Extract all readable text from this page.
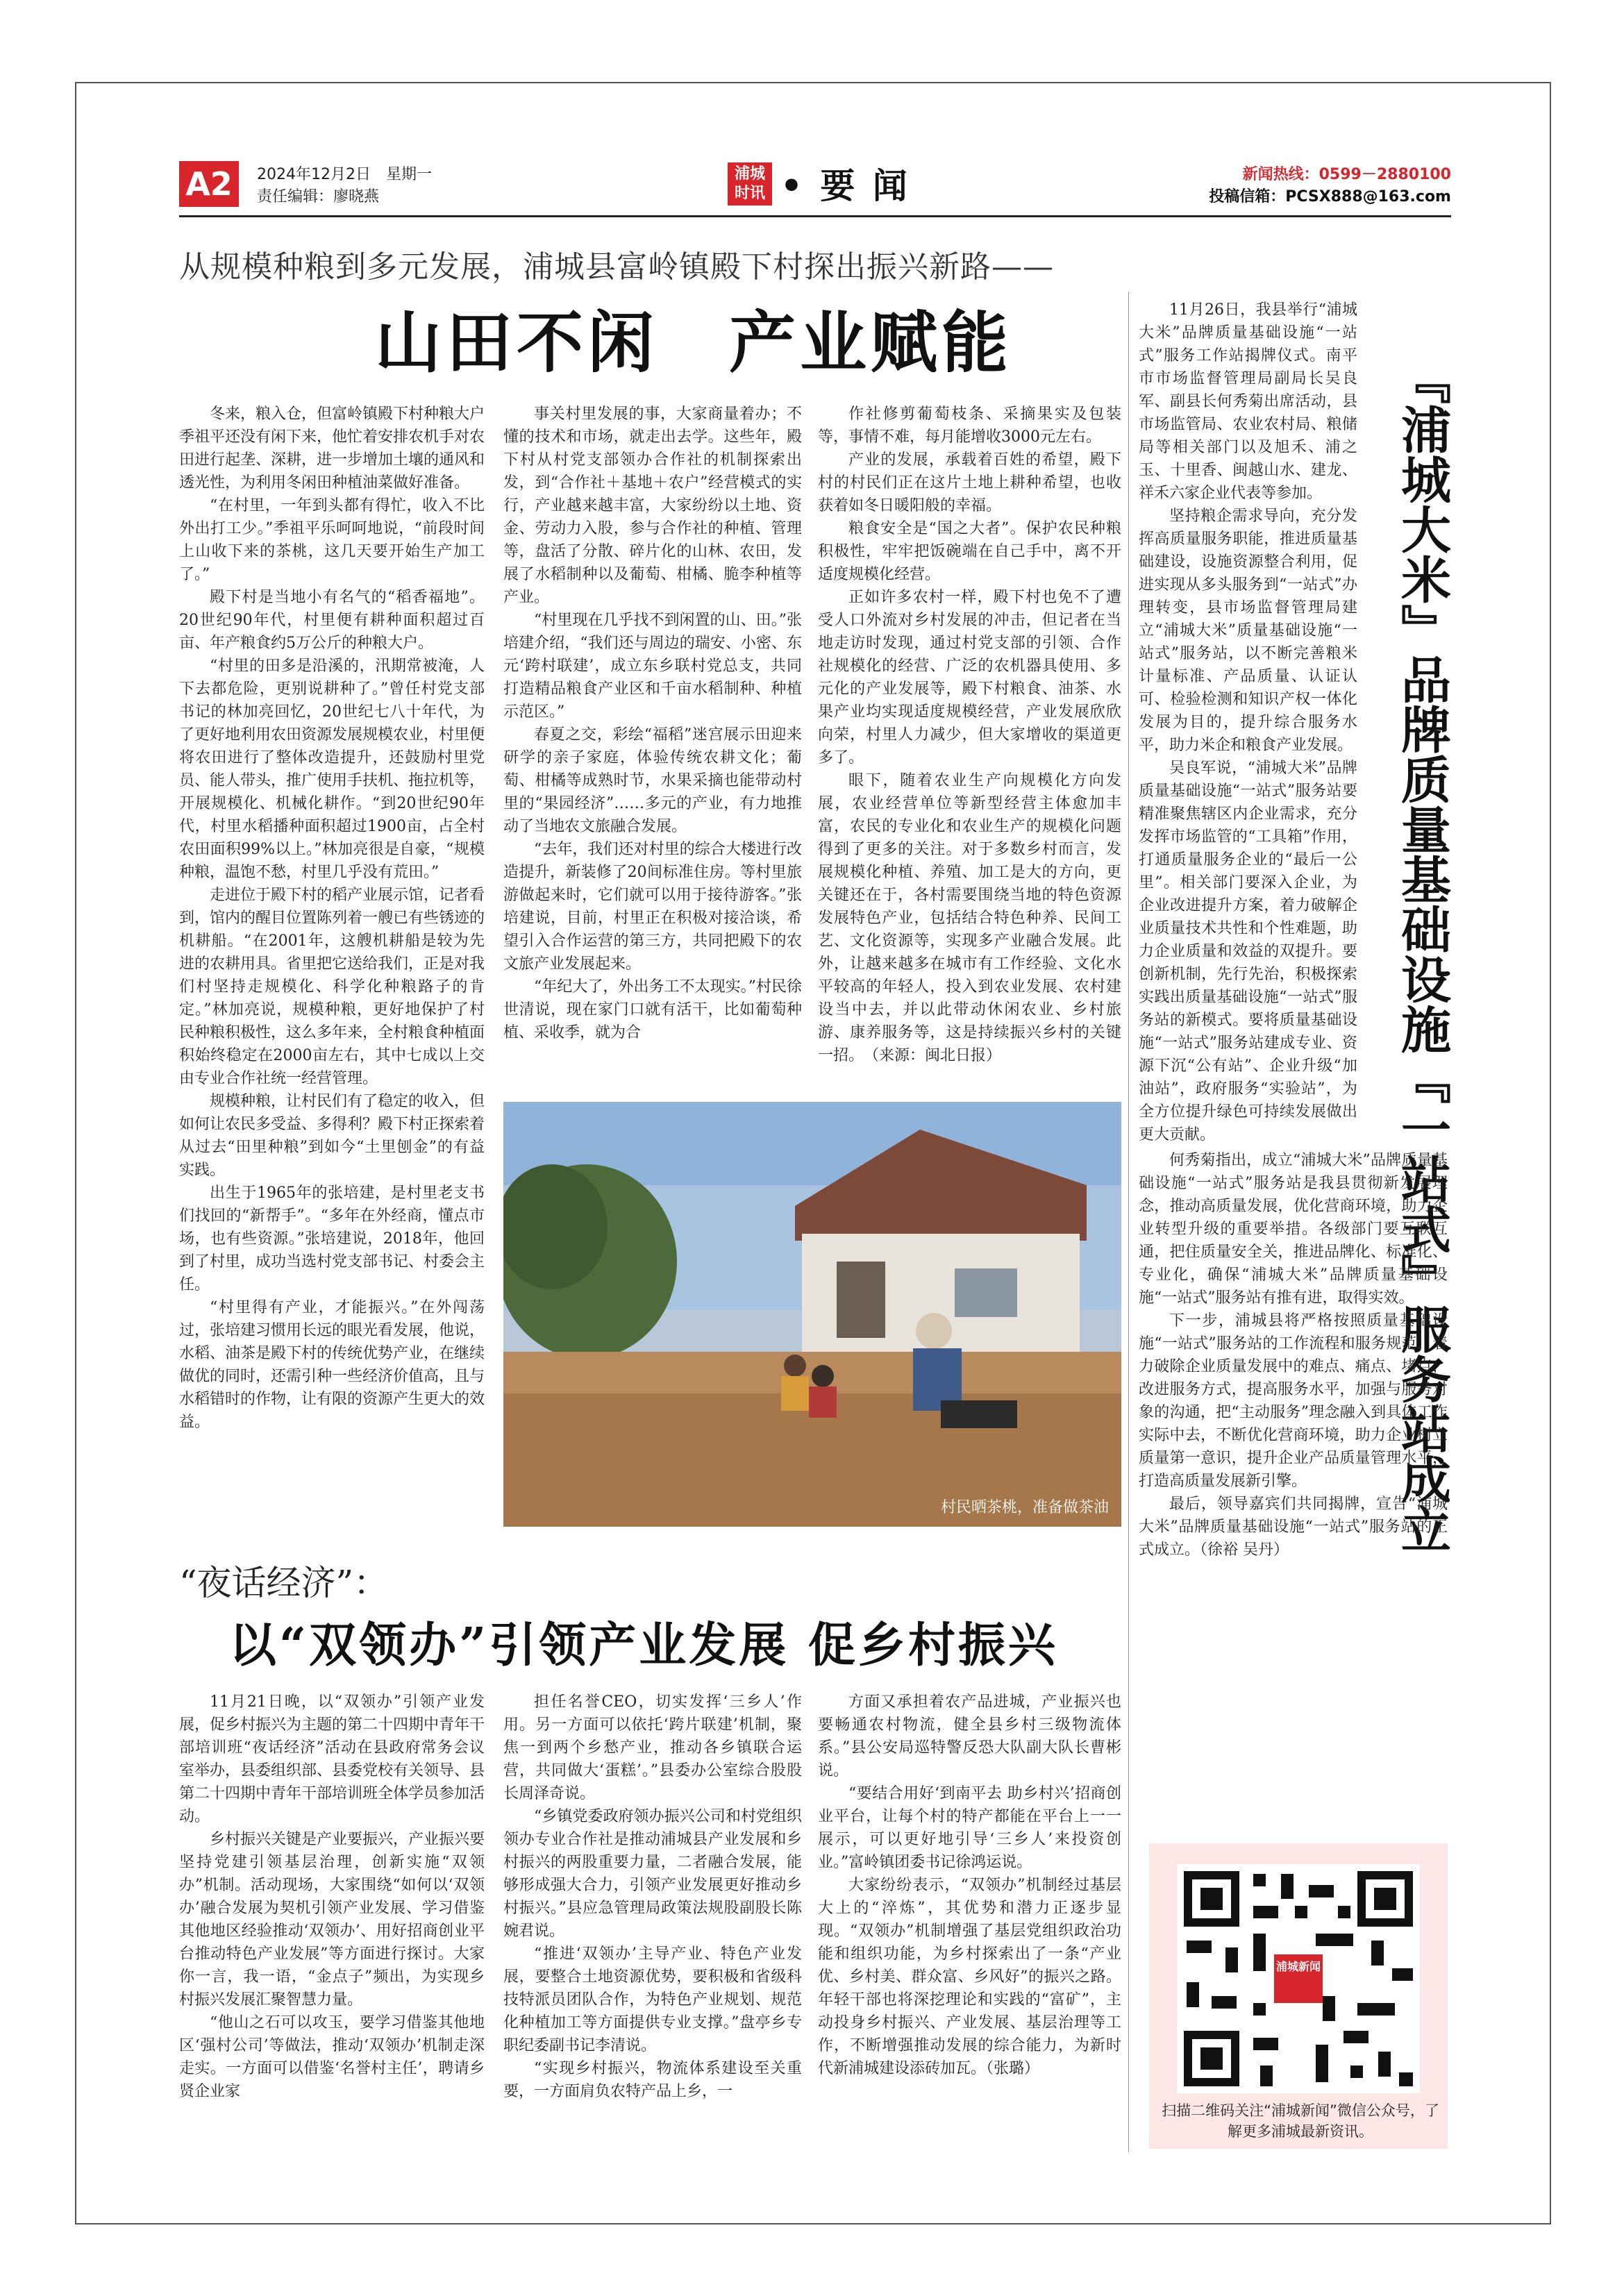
A2	2024年12月2日　星期一
责任编辑：廖晓燕
浦城时讯 • 要 闻	新闻热线：0599－2880100
投稿信箱：PCSX888@163.com
从规模种粮到多元发展，浦城县富岭镇殿下村探出振兴新路——
山田不闲　产业赋能

冬来，粮入仓，但富岭镇殿下村种粮大户季祖平还没有闲下来，他忙着安排农机手对农田进行起垄、深耕，进一步增加土壤的通风和透光性，为利用冬闲田种植油菜做好准备。

“在村里，一年到头都有得忙，收入不比外出打工少。”季祖平乐呵呵地说，“前段时间上山收下来的茶桃，这几天要开始生产加工了。”

殿下村是当地小有名气的“稻香福地”。20世纪90年代，村里便有耕种面积超过百亩、年产粮食约5万公斤的种粮大户。

“村里的田多是沿溪的，汛期常被淹，人下去都危险，更别说耕种了。”曾任村党支部书记的林加亮回忆，20世纪七八十年代，为了更好地利用农田资源发展规模农业，村里便将农田进行了整体改造提升，还鼓励村里党员、能人带头，推广使用手扶机、拖拉机等，开展规模化、机械化耕作。“到20世纪90年代，村里水稻播种面积超过1900亩，占全村农田面积99%以上。”林加亮很是自豪，“规模种粮，温饱不愁，村里几乎没有荒田。”

走进位于殿下村的稻产业展示馆，记者看到，馆内的醒目位置陈列着一艘已有些锈迹的机耕船。“在2001年，这艘机耕船是较为先进的农耕用具。省里把它送给我们，正是对我们村坚持走规模化、科学化种粮路子的肯定。”林加亮说，规模种粮，更好地保护了村民种粮积极性，这么多年来，全村粮食种植面积始终稳定在2000亩左右，其中七成以上交由专业合作社统一经营管理。

规模种粮，让村民们有了稳定的收入，但如何让农民多受益、多得利？殿下村正探索着从过去“田里种粮”到如今“土里刨金”的有益实践。

出生于1965年的张培建，是村里老支书们找回的“新帮手”。“多年在外经商，懂点市场，也有些资源。”张培建说，2018年，他回到了村里，成功当选村党支部书记、村委会主任。

“村里得有产业，才能振兴。”在外闯荡过，张培建习惯用长远的眼光看发展，他说，水稻、油茶是殿下村的传统优势产业，在继续做优的同时，还需引种一些经济价值高，且与水稻错时的作物，让有限的资源产生更大的效益。

事关村里发展的事，大家商量着办；不懂的技术和市场，就走出去学。这些年，殿下村从村党支部领办合作社的机制探索出发，到“合作社＋基地＋农户”经营模式的实行，产业越来越丰富，大家纷纷以土地、资金、劳动力入股，参与合作社的种植、管理等，盘活了分散、碎片化的山林、农田，发展了水稻制种以及葡萄、柑橘、脆李种植等产业。

“村里现在几乎找不到闲置的山、田。”张培建介绍，“我们还与周边的瑞安、小密、东元‘跨村联建’，成立东乡联村党总支，共同打造精品粮食产业区和千亩水稻制种、种植示范区。”

春夏之交，彩绘“福稻”迷宫展示田迎来研学的亲子家庭，体验传统农耕文化；葡萄、柑橘等成熟时节，水果采摘也能带动村里的“果园经济”……多元的产业，有力地推动了当地农文旅融合发展。

“去年，我们还对村里的综合大楼进行改造提升，新装修了20间标准住房。等村里旅游做起来时，它们就可以用于接待游客。”张培建说，目前，村里正在积极对接洽谈，希望引入合作运营的第三方，共同把殿下的农文旅产业发展起来。

“年纪大了，外出务工不太现实。”村民徐世清说，现在家门口就有活干，比如葡萄种植、采收季，就为合

作社修剪葡萄枝条、采摘果实及包装等，事情不难，每月能增收3000元左右。

产业的发展，承载着百姓的希望，殿下村的村民们正在这片土地上耕种希望，也收获着如冬日暖阳般的幸福。

粮食安全是“国之大者”。保护农民种粮积极性，牢牢把饭碗端在自己手中，离不开适度规模化经营。

正如许多农村一样，殿下村也免不了遭受人口外流对乡村发展的冲击，但记者在当地走访时发现，通过村党支部的引领、合作社规模化的经营、广泛的农机器具使用、多元化的产业发展等，殿下村粮食、油茶、水果产业均实现适度规模经营，产业发展欣欣向荣，村里人力减少，但大家增收的渠道更多了。

眼下，随着农业生产向规模化方向发展，农业经营单位等新型经营主体愈加丰富，农民的专业化和农业生产的规模化问题得到了更多的关注。对于多数乡村而言，发展规模化种植、养殖、加工是大的方向，更关键还在于，各村需要围绕当地的特色资源发展特色产业，包括结合特色种养、民间工艺、文化资源等，实现多产业融合发展。此外，让越来越多在城市有工作经验、文化水平较高的年轻人，投入到农业发展、农村建设当中去，并以此带动休闲农业、乡村旅游、康养服务等，这是持续振兴乡村的关键一招。　（来源：闽北日报）

村民晒茶桃，准备做茶油
“夜话经济”：
以“双领办”引领产业发展 促乡村振兴

11月21日晚，以“双领办”引领产业发展，促乡村振兴为主题的第二十四期中青年干部培训班“夜话经济”活动在县政府常务会议室举办，县委组织部、县委党校有关领导、县第二十四期中青年干部培训班全体学员参加活动。

乡村振兴关键是产业要振兴，产业振兴要坚持党建引领基层治理，创新实施“双领办”机制。活动现场，大家围绕“如何以‘双领办’融合发展为契机引领产业发展、学习借鉴其他地区经验推动‘双领办’、用好招商创业平台推动特色产业发展”等方面进行探讨。大家你一言，我一语，“金点子”频出，为实现乡村振兴发展汇聚智慧力量。

“他山之石可以攻玉，要学习借鉴其他地区‘强村公司’等做法，推动‘双领办’机制走深走实。一方面可以借鉴‘名誉村主任’，聘请乡贤企业家

担任名誉CEO，切实发挥‘三乡人’作用。另一方面可以依托‘跨片联建’机制，聚焦一到两个乡愁产业，推动各乡镇联合运营，共同做大‘蛋糕’。”县委办公室综合股股长周泽奇说。

“乡镇党委政府领办振兴公司和村党组织领办专业合作社是推动浦城县产业发展和乡村振兴的两股重要力量，二者融合发展，能够形成强大合力，引领产业发展更好推动乡村振兴。”县应急管理局政策法规股副股长陈婉君说。

“推进‘双领办’主导产业、特色产业发展，要整合土地资源优势，要积极和省级科技特派员团队合作，为特色产业规划、规范化种植加工等方面提供专业支撑。”盘亭乡专职纪委副书记李清说。

“实现乡村振兴，物流体系建设至关重要，一方面肩负农特产品上乡，一

方面又承担着农产品进城，产业振兴也要畅通农村物流，健全县乡村三级物流体系。”县公安局巡特警反恐大队副大队长曹彬说。

“要结合用好‘到南平去 助乡村兴’招商创业平台，让每个村的特产都能在平台上一一展示，可以更好地引导‘三乡人’来投资创业。”富岭镇团委书记徐鸿运说。

大家纷纷表示，“双领办”机制经过基层大上的“淬炼”，其优势和潜力正逐步显现。“双领办”机制增强了基层党组织政治功能和组织功能，为乡村探索出了一条“产业优、乡村美、群众富、乡风好”的振兴之路。年轻干部也将深挖理论和实践的“富矿”，主动投身乡村振兴、产业发展、基层治理等工作，不断增强推动发展的综合能力，为新时代新浦城建设添砖加瓦。（张璐）

『浦城大米』品牌质量基础设施『一站式』服务站成立

11月26日，我县举行“浦城大米”品牌质量基础设施“一站式”服务工作站揭牌仪式。南平市市场监督管理局副局长吴良军、副县长何秀菊出席活动，县市场监管局、农业农村局、粮储局等相关部门以及旭禾、浦之玉、十里香、闽越山水、建龙、祥禾六家企业代表等参加。

坚持粮企需求导向，充分发挥高质量服务职能，推进质量基础建设，设施资源整合利用，促进实现从多头服务到“一站式”办理转变，县市场监督管理局建立“浦城大米”质量基础设施“一站式”服务站，以不断完善粮米计量标准、产品质量、认证认可、检验检测和知识产权一体化发展为目的，提升综合服务水平，助力米企和粮食产业发展。

吴良军说，“浦城大米”品牌质量基础设施“一站式”服务站要精准聚焦辖区内企业需求，充分发挥市场监管的“工具箱”作用，打通质量服务企业的“最后一公里”。相关部门要深入企业，为企业改进提升方案，着力破解企业质量技术共性和个性难题，助力企业质量和效益的双提升。要创新机制，先行先治，积极探索实践出质量基础设施“一站式”服务站的新模式。要将质量基础设施“一站式”服务站建成专业、资源下沉“公有站”、企业升级“加油站”，政府服务“实验站”，为全方位提升绿色可持续发展做出更大贡献。

何秀菊指出，成立“浦城大米”品牌质量基础设施“一站式”服务站是我县贯彻新发展理念，推动高质量发展，优化营商环境，助力企业转型升级的重要举措。各级部门要互联互通，把住质量安全关，推进品牌化、标准化、专业化，确保“浦城大米”品牌质量基础设施“一站式”服务站有推有进，取得实效。

下一步，浦城县将严格按照质量基础设施“一站式”服务站的工作流程和服务规范，着力破除企业质量发展中的难点、痛点、堵点，改进服务方式，提高服务水平，加强与服务对象的沟通，把“主动服务”理念融入到具体工作实际中去，不断优化营商环境，助力企业树立质量第一意识，提升企业产品质量管理水平，打造高质量发展新引擎。

最后，领导嘉宾们共同揭牌，宣告“浦城大米”品牌质量基础设施“一站式”服务站的正式成立。（徐裕 吴丹）

浦城新闻
扫描二维码关注“浦城新闻”微信公众号，了解更多浦城最新资讯。
